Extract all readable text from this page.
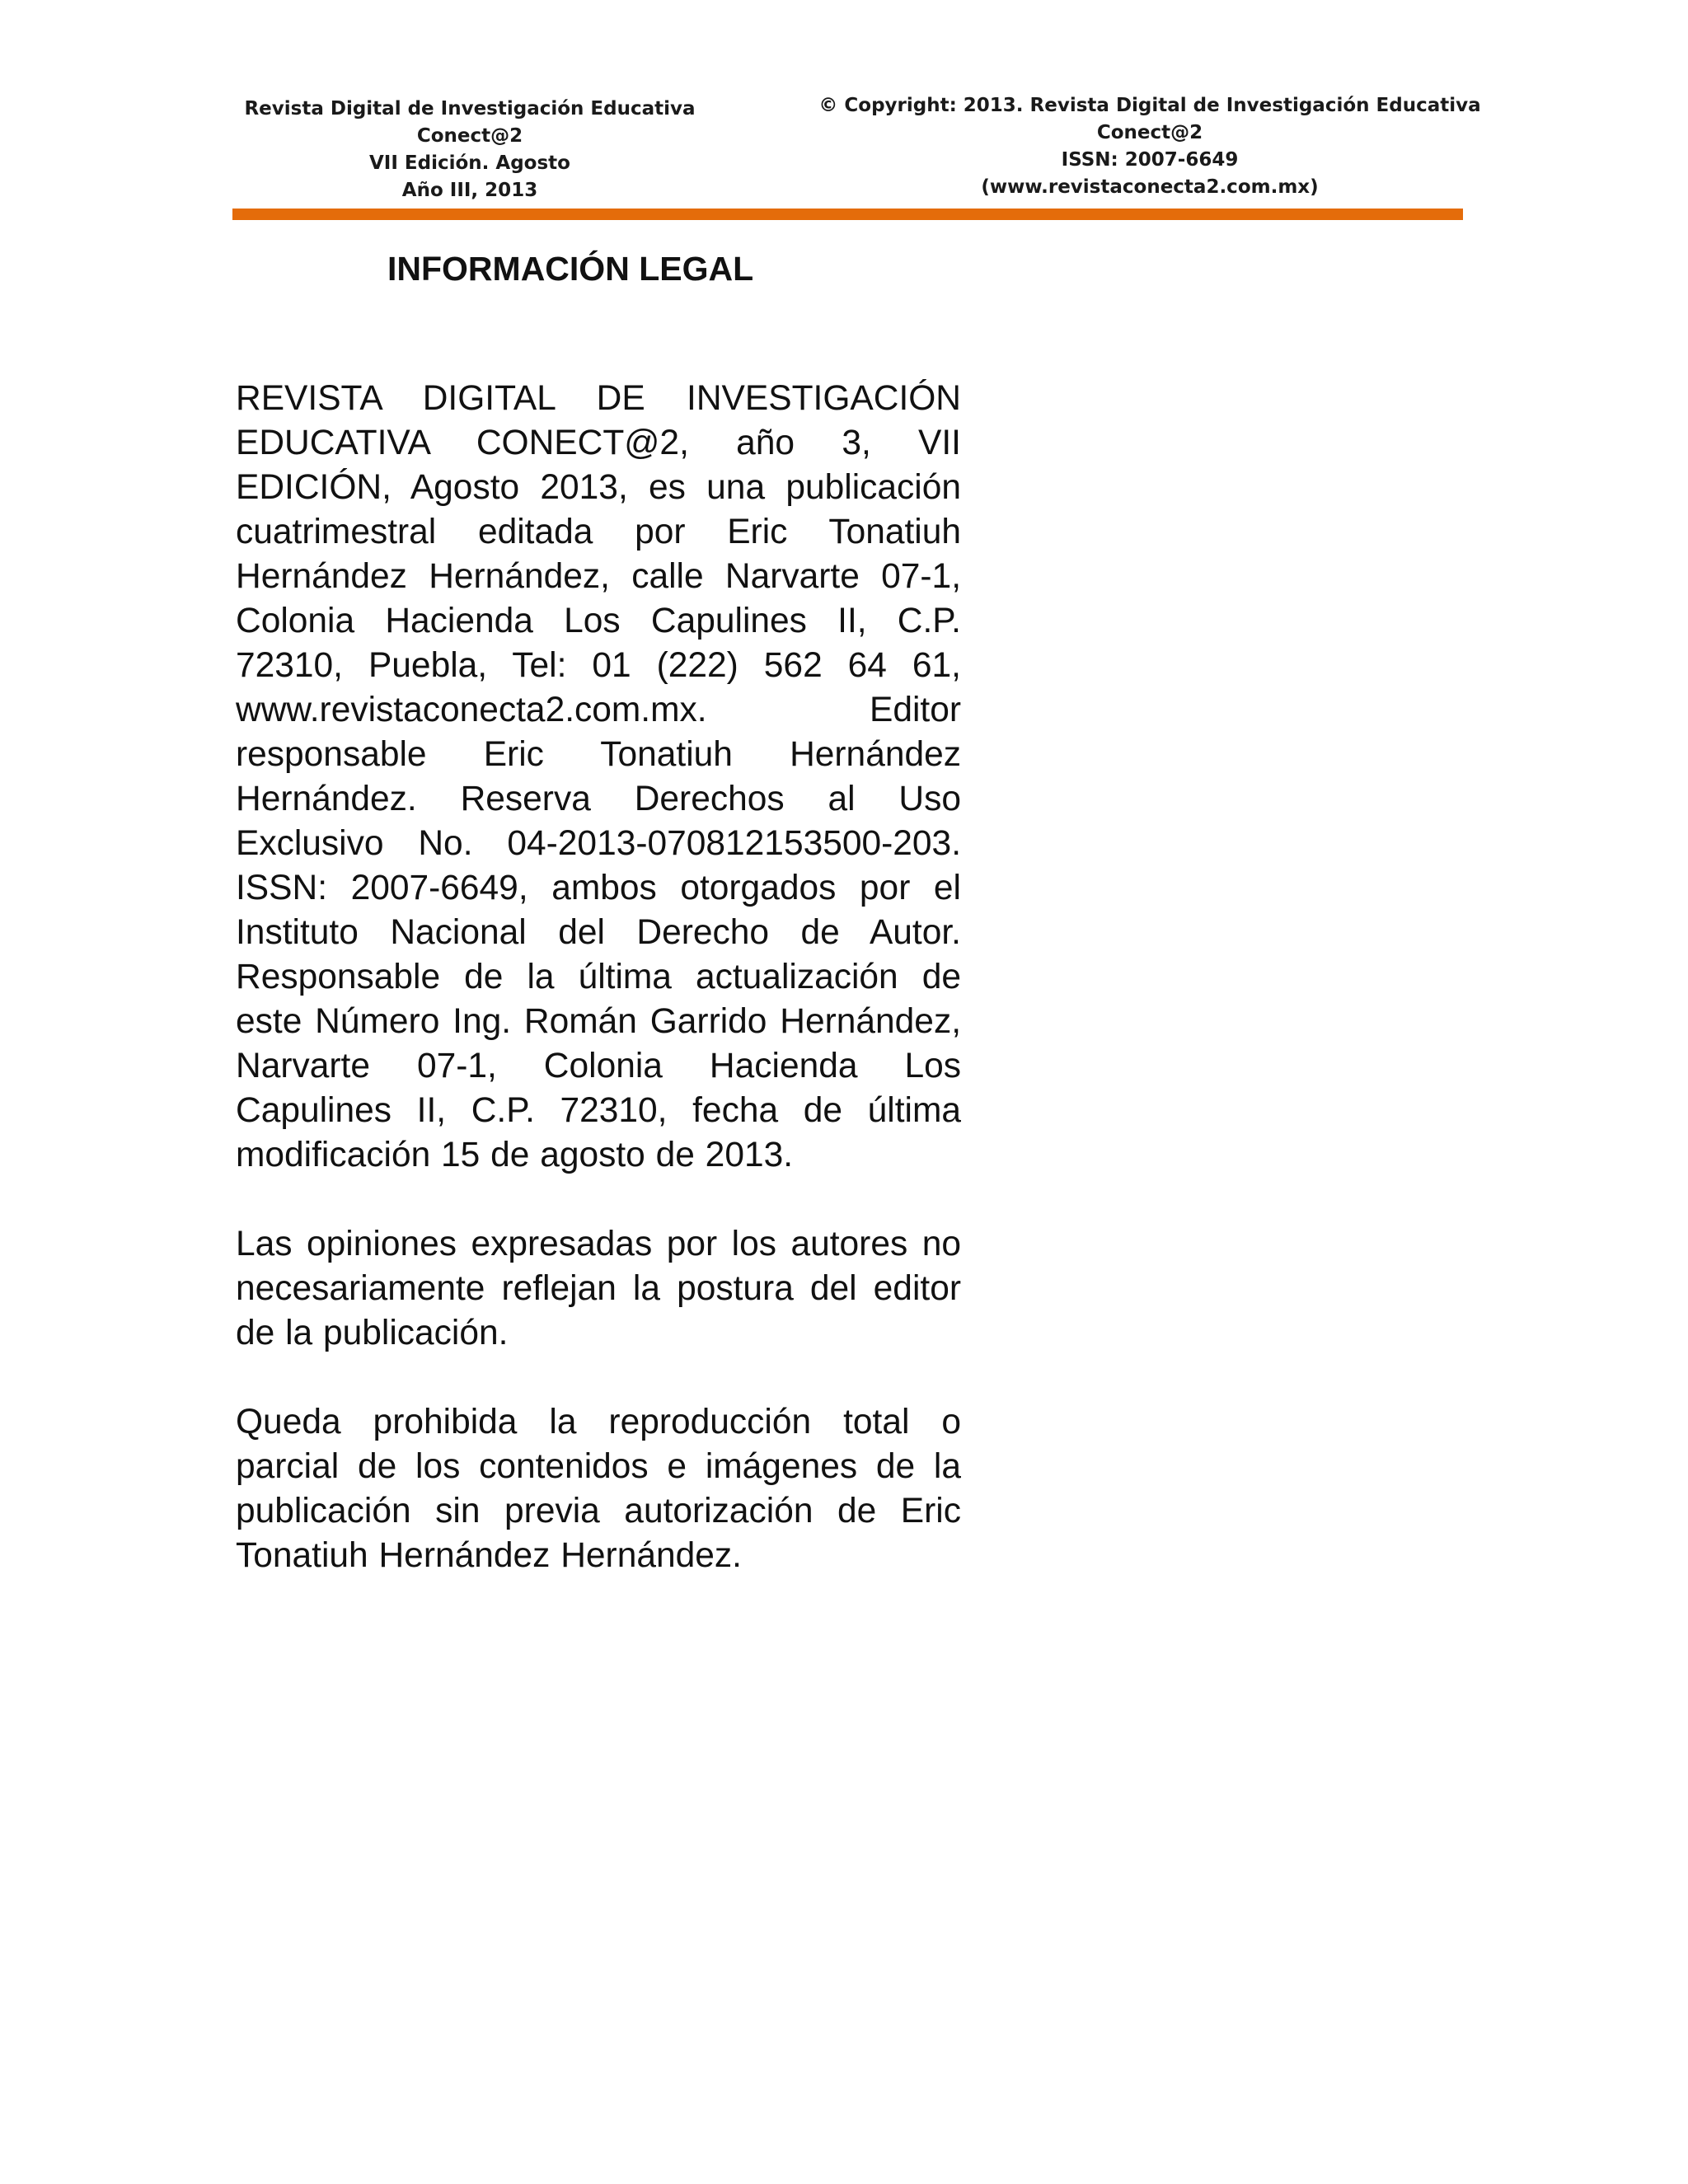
Revista Digital de Investigación Educativa
Conect@2
VII Edición. Agosto
Año III, 2013
© Copyright: 2013. Revista Digital de Investigación Educativa
Conect@2
ISSN: 2007-6649
(www.revistaconecta2.com.mx)
INFORMACIÓN LEGAL

REVISTA DIGITAL DE INVESTIGACIÓN EDUCATIVA CONECT@2, año 3, VII EDICIÓN, Agosto 2013, es una publicación cuatrimestral editada por Eric Tonatiuh Hernández Hernández, calle Narvarte 07-1, Colonia Hacienda Los Capulines II, C.P. 72310, Puebla, Tel: 01 (222) 562 64 61, www.revistaconecta2.com.mx. Editor responsable Eric Tonatiuh Hernández Hernández. Reserva Derechos al Uso Exclusivo No. 04-2013-070812153500-203. ISSN: 2007-6649, ambos otorgados por el Instituto Nacional del Derecho de Autor. Responsable de la última actualización de este Número Ing. Román Garrido Hernández, Narvarte 07-1, Colonia Hacienda Los Capulines II, C.P. 72310, fecha de última modificación 15 de agosto de 2013.

Las opiniones expresadas por los autores no necesariamente reflejan la postura del editor de la publicación.

Queda prohibida la reproducción total o parcial de los contenidos e imágenes de la publicación sin previa autorización de Eric Tonatiuh Hernández Hernández.
